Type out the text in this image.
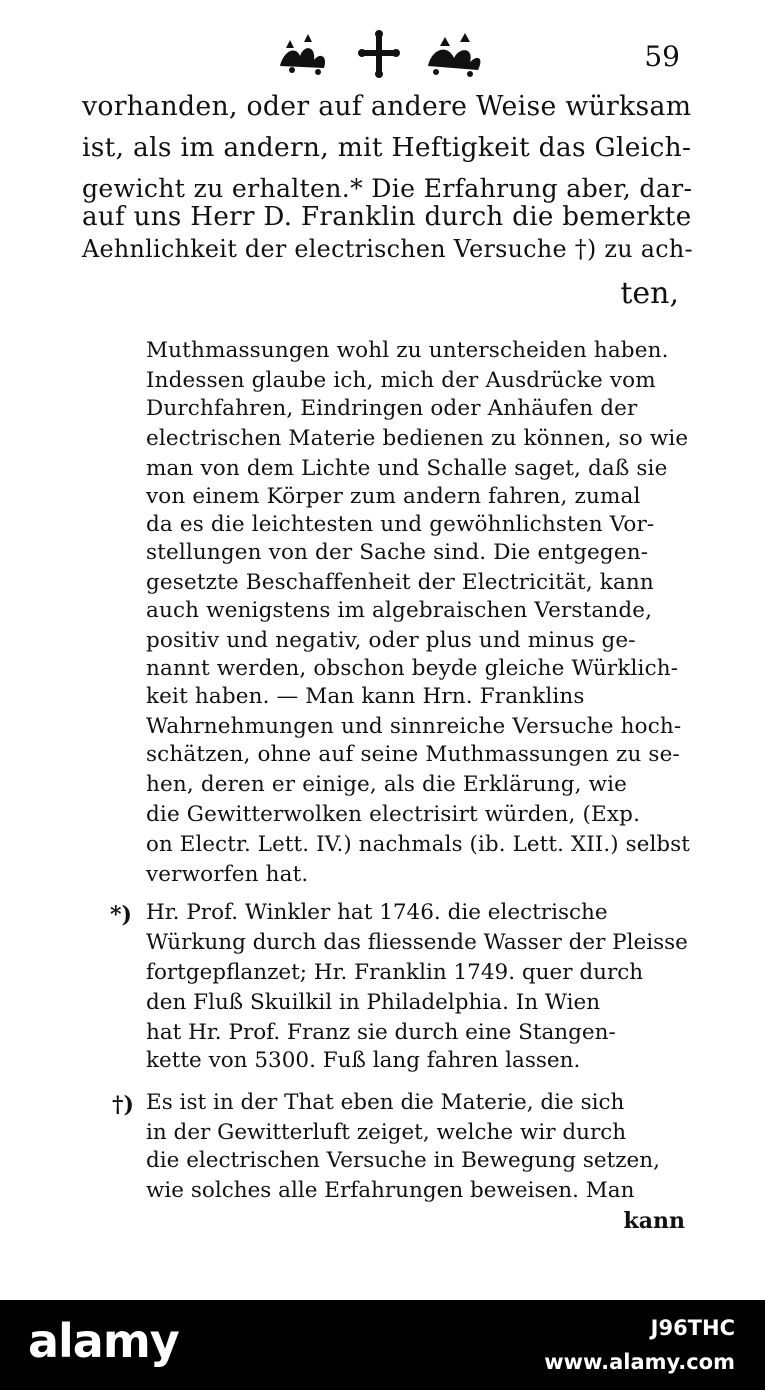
59
vorhanden, oder auf andere Weise würksam
ist, als im andern, mit Heftigkeit das Gleich-
gewicht zu erhalten.* Die Erfahrung aber, dar-
auf uns Herr D. Franklin durch die bemerkte
Aehnlichkeit der electrischen Versuche †) zu ach-
ten,
Muthmassungen wohl zu unterscheiden haben.
Indessen glaube ich, mich der Ausdrücke vom
Durchfahren, Eindringen oder Anhäufen der
electrischen Materie bedienen zu können, so wie
man von dem Lichte und Schalle saget, daß sie
von einem Körper zum andern fahren, zumal
da es die leichtesten und gewöhnlichsten Vor-
stellungen von der Sache sind. Die entgegen-
gesetzte Beschaffenheit der Electricität, kann
auch wenigstens im algebraischen Verstande,
positiv und negativ, oder plus und minus ge-
nannt werden, obschon beyde gleiche Würklich-
keit haben. — Man kann Hrn. Franklins
Wahrnehmungen und sinnreiche Versuche hoch-
schätzen, ohne auf seine Muthmassungen zu se-
hen, deren er einige, als die Erklärung, wie
die Gewitterwolken electrisirt würden, (Exp.
on Electr. Lett. IV.) nachmals (ib. Lett. XII.) selbst
verworfen hat.
*) Hr. Prof. Winkler hat 1746. die electrische
Würkung durch das fliessende Wasser der Pleisse
fortgepflanzet; Hr. Franklin 1749. quer durch
den Fluß Skuilkil in Philadelphia. In Wien
hat Hr. Prof. Franz sie durch eine Stangen-
kette von 5300. Fuß lang fahren lassen.
†) Es ist in der That eben die Materie, die sich
in der Gewitterluft zeiget, welche wir durch
die electrischen Versuche in Bewegung setzen,
wie solches alle Erfahrungen beweisen. Man
kann
alamy	J96THC
www.alamy.com
